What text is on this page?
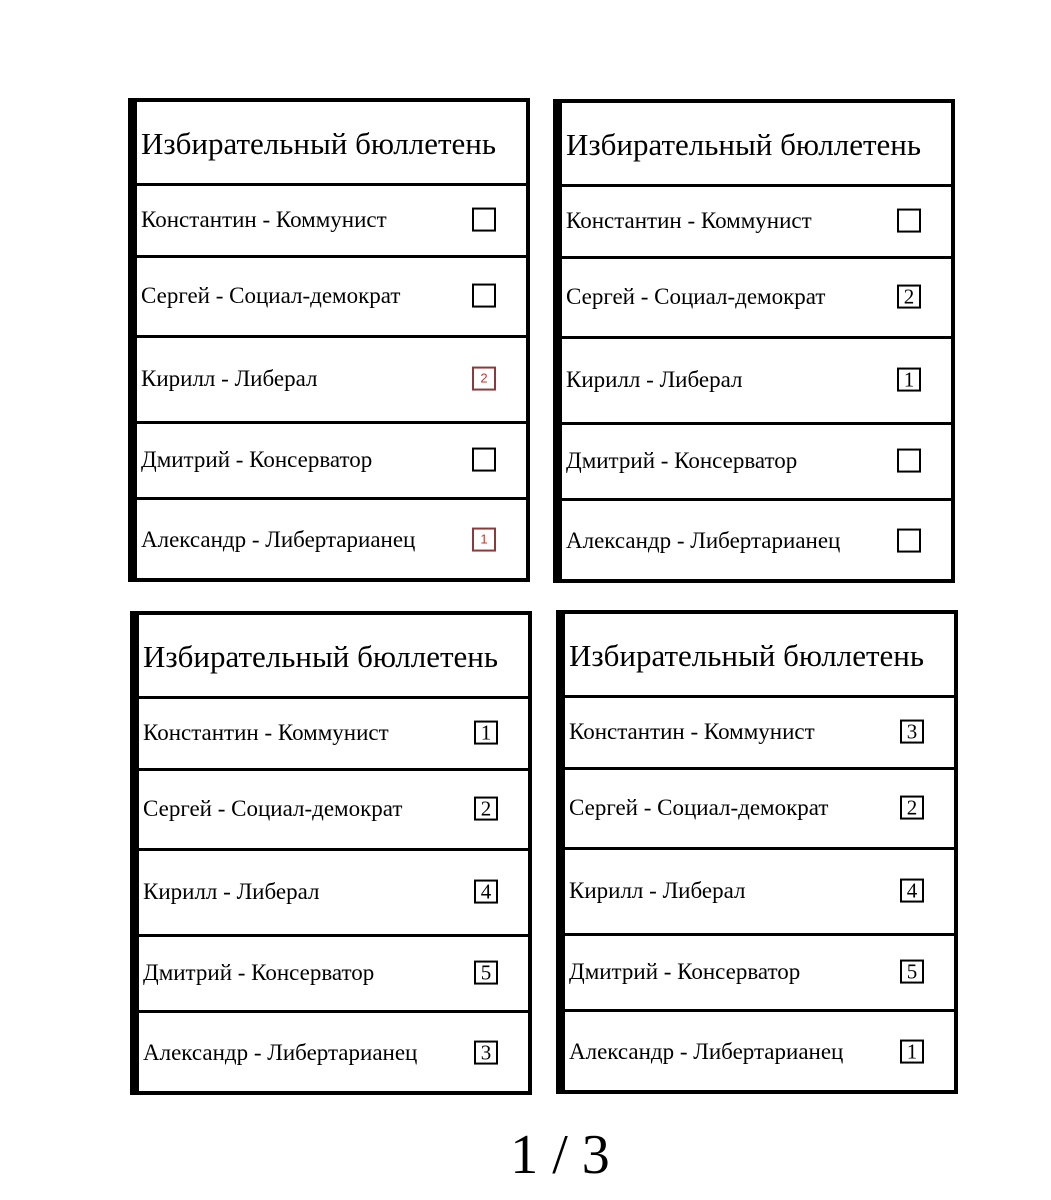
Избирательный бюллетень
Константин - Коммунист
Сергей - Социал-демократ
Кирилл - Либерал	2
Дмитрий - Консерватор
Александр - Либертарианец	1
Избирательный бюллетень
Константин - Коммунист
Сергей - Социал-демократ	2
Кирилл - Либерал	1
Дмитрий - Консерватор
Александр - Либертарианец
Избирательный бюллетень
Константин - Коммунист	1
Сергей - Социал-демократ	2
Кирилл - Либерал	4
Дмитрий - Консерватор	5
Александр - Либертарианец	3
Избирательный бюллетень
Константин - Коммунист	3
Сергей - Социал-демократ	2
Кирилл - Либерал	4
Дмитрий - Консерватор	5
Александр - Либертарианец	1
1 / 3
